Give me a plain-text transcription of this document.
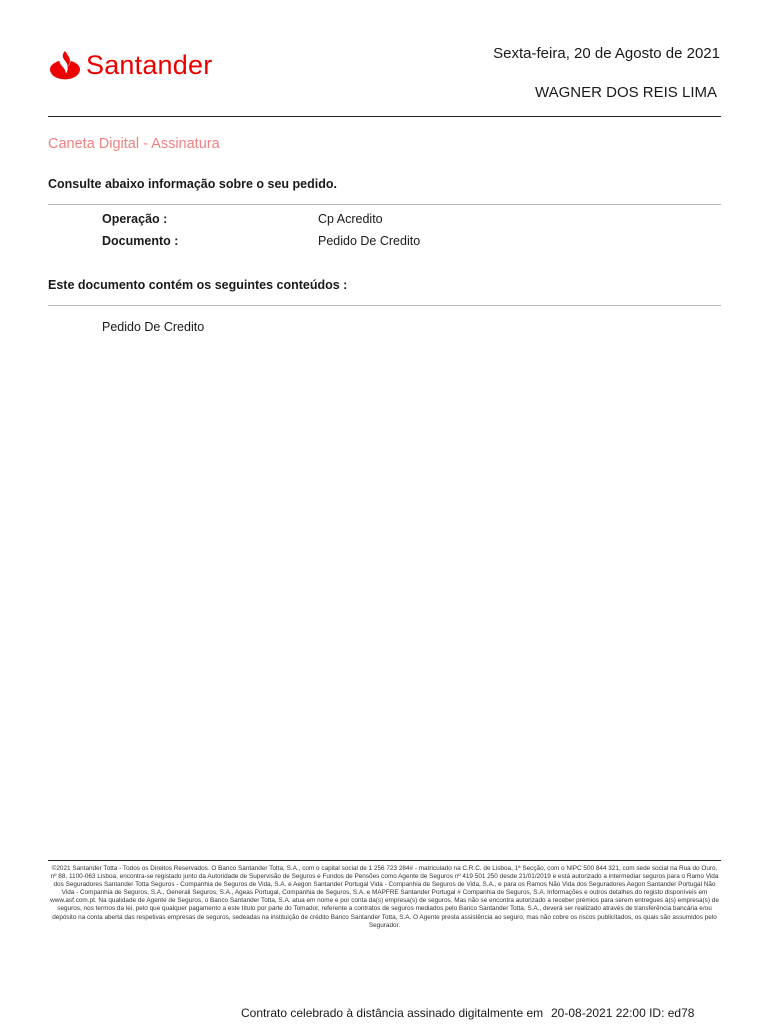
Santander	Sexta-feira, 20 de Agosto de 2021
WAGNER DOS REIS LIMA
Caneta Digital - Assinatura
Consulte abaixo informação sobre o seu pedido.
Operação :	Cp Acredito
Documento :	Pedido De Credito
Este documento contém os seguintes conteúdos :
Pedido De Credito
©2021 Santander Totta - Todos os Direitos Reservados. O Banco Santander Totta, S.A., com o capital social de 1 256 723 284# - matriculado na C.R.C. de Lisboa, 1ª Secção, com o NIPC 500 844 321, com sede social na Rua do Ouro, nº 88, 1100-063 Lisboa, encontra-se registado junto da Autoridade de Supervisão de Seguros e Fundos de Pensões como Agente de Seguros nº 419 501 250 desde 21/01/2019 e está autorizado a intermediar seguros para o Ramo Vida dos Seguradores Santander Totta Seguros - Companhia de Seguros de Vida, S.A. e Aegon Santander Portugal Vida - Companhia de Seguros de Vida, S.A., e para os Ramos Não Vida dos Seguradores Aegon Santander Portugal Não Vida - Companhia de Seguros, S.A., Generali Seguros, S.A., Ageas Portugal, Companhia de Seguros, S.A. e MAPFRE Santander Portugal # Companhia de Seguros, S.A. Informações e outros detalhes do registo disponíveis em www.asf.com.pt. Na qualidade de Agente de Seguros, o Banco Santander Totta, S.A. atua em nome e por conta da(s) empresa(s) de seguros. Mas não se encontra autorizado a receber prémios para serem entregues à(s) empresa(s) de seguros, nos termos da lei, pelo que qualquer pagamento a este título por parte do Tomador, referente a contratos de seguros mediados pelo Banco Santander Totta, S.A., deverá ser realizado através de transferência bancária e/ou depósito na conta aberta das respetivas empresas de seguros, sedeadas na instituição de crédito Banco Santander Totta, S.A. O Agente presta assistência ao seguro, mas não cobre os riscos publicitados, os quais são assumidos pelo Segurador.
Contrato celebrado à distância assinado digitalmente em 20-08-2021 22:00 ID: ed78
